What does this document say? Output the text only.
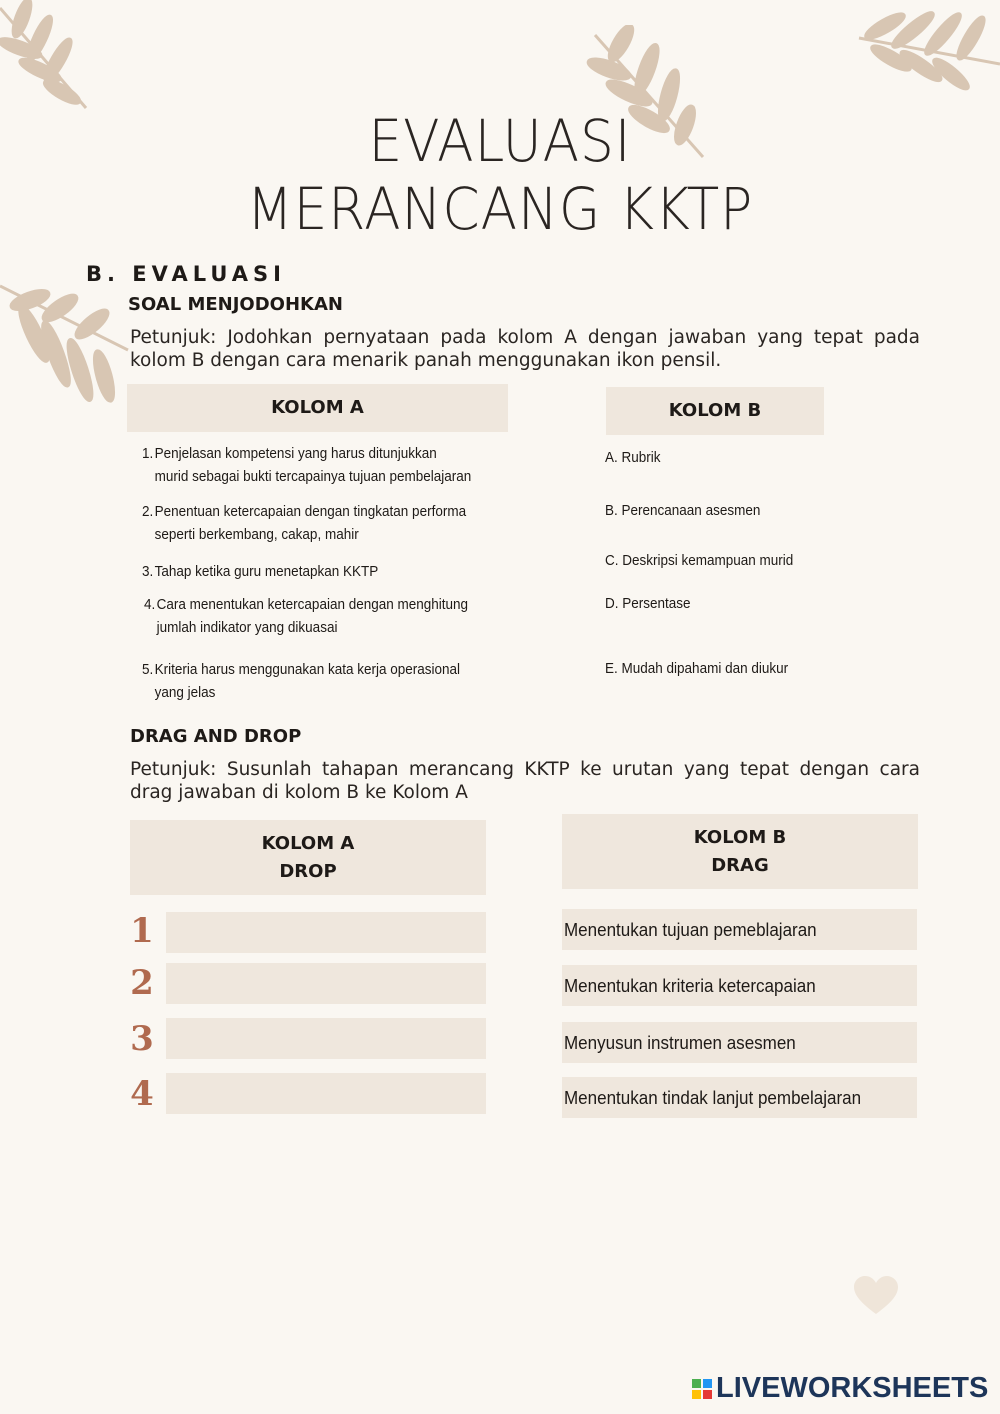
EVALUASI
MERANCANG KKTP
B. EVALUASI
SOAL MENJODOHKAN
Petunjuk: Jodohkan pernyataan pada kolom A dengan jawaban yang tepat pada kolom B dengan cara menarik panah menggunakan ikon pensil.
KOLOM A	KOLOM B
1.Penjelasan kompetensi yang harus ditunjukkan
murid sebagai bukti tercapainya tujuan pembelajaran
2.Penentuan ketercapaian dengan tingkatan performa
seperti berkembang, cakap, mahir
3.Tahap ketika guru menetapkan KKTP
4.Cara menentukan ketercapaian dengan menghitung
jumlah indikator yang dikuasai
5.Kriteria harus menggunakan kata kerja operasional
yang jelas
A. Rubrik
B. Perencanaan asesmen
C. Deskripsi kemampuan murid
D. Persentase
E. Mudah dipahami dan diukur
DRAG AND DROP
Petunjuk: Susunlah tahapan merancang KKTP ke urutan yang tepat dengan cara drag jawaban di kolom B ke Kolom A
KOLOM A
DROP
KOLOM B
DRAG
1
2
3
4
Menentukan tujuan pemeblajaran
Menentukan kriteria ketercapaian
Menyusun instrumen asesmen
Menentukan tindak lanjut pembelajaran
LIVEWORKSHEETS
